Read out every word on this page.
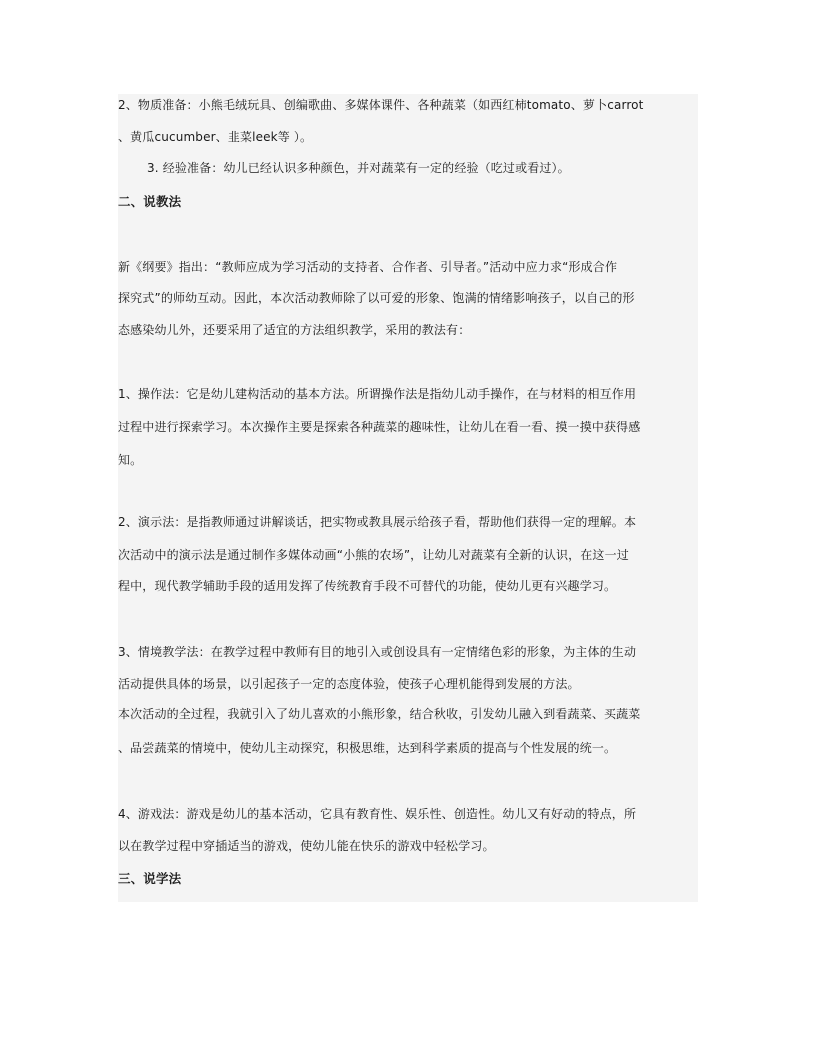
2、物质准备：小熊毛绒玩具、创编歌曲、多媒体课件、各种蔬菜（如西红柿tomato、萝卜carrot
、黄瓜cucumber、韭菜leek等 ）。
3. 经验准备：幼儿已经认识多种颜色，并对蔬菜有一定的经验（吃过或看过）。
二、说教法
新《纲要》指出：“教师应成为学习活动的支持者、合作者、引导者。”活动中应力求“形成合作
探究式”的师幼互动。因此，本次活动教师除了以可爱的形象、饱满的情绪影响孩子，以自己的形
态感染幼儿外，还要采用了适宜的方法组织教学，采用的教法有：
1、操作法：它是幼儿建构活动的基本方法。所谓操作法是指幼儿动手操作，在与材料的相互作用
过程中进行探索学习。本次操作主要是探索各种蔬菜的趣味性，让幼儿在看一看、摸一摸中获得感
知。
2、演示法：是指教师通过讲解谈话，把实物或教具展示给孩子看，帮助他们获得一定的理解。本
次活动中的演示法是通过制作多媒体动画“小熊的农场”，让幼儿对蔬菜有全新的认识，在这一过
程中，现代教学辅助手段的适用发挥了传统教育手段不可替代的功能，使幼儿更有兴趣学习。
3、情境教学法：在教学过程中教师有目的地引入或创设具有一定情绪色彩的形象，为主体的生动
活动提供具体的场景，以引起孩子一定的态度体验，使孩子心理机能得到发展的方法。
本次活动的全过程，我就引入了幼儿喜欢的小熊形象，结合秋收，引发幼儿融入到看蔬菜、买蔬菜
、品尝蔬菜的情境中，使幼儿主动探究，积极思维，达到科学素质的提高与个性发展的统一。
4、游戏法：游戏是幼儿的基本活动，它具有教育性、娱乐性、创造性。幼儿又有好动的特点，所
以在教学过程中穿插适当的游戏，使幼儿能在快乐的游戏中轻松学习。
三、说学法
